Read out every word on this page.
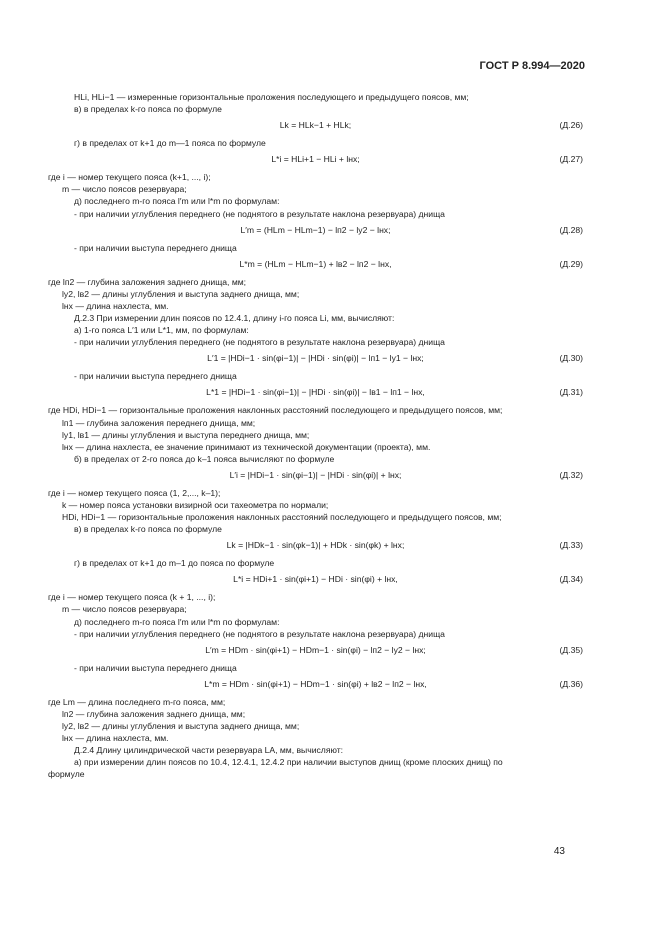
ГОСТ Р 8.994—2020
HLi, HLi−1 — измеренные горизонтальные проложения последующего и предыдущего поясов, мм;
в) в пределах k-го пояса по формуле
Lk = HLk−1 + HLk;	(Д.26)
г) в пределах от k+1 до m—1 пояса по формуле
L*i = HLi+1 − HLi + lнх;	(Д.27)
где i — номер текущего пояса (k+1, ..., i);
m — число поясов резервуара;
д) последнего m-го пояса l′m или l*m по формулам:
- при наличии углубления переднего (не поднятого в результате наклона резервуара) днища
L′m = (HLm − HLm−1) − lп2 − lу2 − lнх;	(Д.28)
- при наличии выступа переднего днища
L*m = (HLm − HLm−1) + lв2 − lп2 − lнх,	(Д.29)
где lп2 — глубина заложения заднего днища, мм;
lу2, lв2 — длины углубления и выступа заднего днища, мм;
lнх — длина нахлеста, мм.
Д.2.3 При измерении длин поясов по 12.4.1, длину i-го пояса Li, мм, вычисляют:
а) 1-го пояса L′1 или L*1, мм, по формулам:
- при наличии углубления переднего (не поднятого в результате наклона резервуара) днища
L′1 = |HDi−1 · sin(φi−1)| − |HDi · sin(φi)| − lп1 − lу1 − lнх;	(Д.30)
- при наличии выступа переднего днища
L*1 = |HDi−1 · sin(φi−1)| − |HDi · sin(φi)| − lв1 − lп1 − lнх,	(Д.31)
где HDi, HDi−1 — горизонтальные проложения наклонных расстояний последующего и предыдущего поясов, мм;
lп1 — глубина заложения переднего днища, мм;
lу1, lв1 — длины углубления и выступа переднего днища, мм;
lнх — длина нахлеста, ее значение принимают из технической документации (проекта), мм.
б) в пределах от 2-го пояса до k–1 пояса вычисляют по формуле
L′i = |HDi−1 · sin(φi−1)| − |HDi · sin(φi)| + lнх;	(Д.32)
где i — номер текущего пояса (1, 2,..., k–1);
k — номер пояса установки визирной оси тахеометра по нормали;
HDi, HDi−1 — горизонтальные проложения наклонных расстояний последующего и предыдущего поясов, мм;
в) в пределах k-го пояса по формуле
Lk = |HDk−1 · sin(φk−1)| + HDk · sin(φk) + lнх;	(Д.33)
г) в пределах от k+1 до m–1 до пояса по формуле
L*i = HDi+1 · sin(φi+1) − HDi · sin(φi) + lнх,	(Д.34)
где i — номер текущего пояса (k + 1, ..., i);
m — число поясов резервуара;
д) последнего m-го пояса l′m или l*m по формулам:
- при наличии углубления переднего (не поднятого в результате наклона резервуара) днища
L′m = HDm · sin(φi+1) − HDm−1 · sin(φi) − lп2 − lу2 − lнх;	(Д.35)
- при наличии выступа переднего днища
L*m = HDm · sin(φi+1) − HDm−1 · sin(φi) + lв2 − lп2 − lнх,	(Д.36)
где Lm — длина последнего m-го пояса, мм;
lп2 — глубина заложения заднего днища, мм;
lу2, lв2 — длины углубления и выступа заднего днища, мм;
lнх — длина нахлеста, мм.
Д.2.4 Длину цилиндрической части резервуара LА, мм, вычисляют:
а) при измерении длин поясов по 10.4, 12.4.1, 12.4.2 при наличии выступов днищ (кроме плоских днищ) по
формуле
43
